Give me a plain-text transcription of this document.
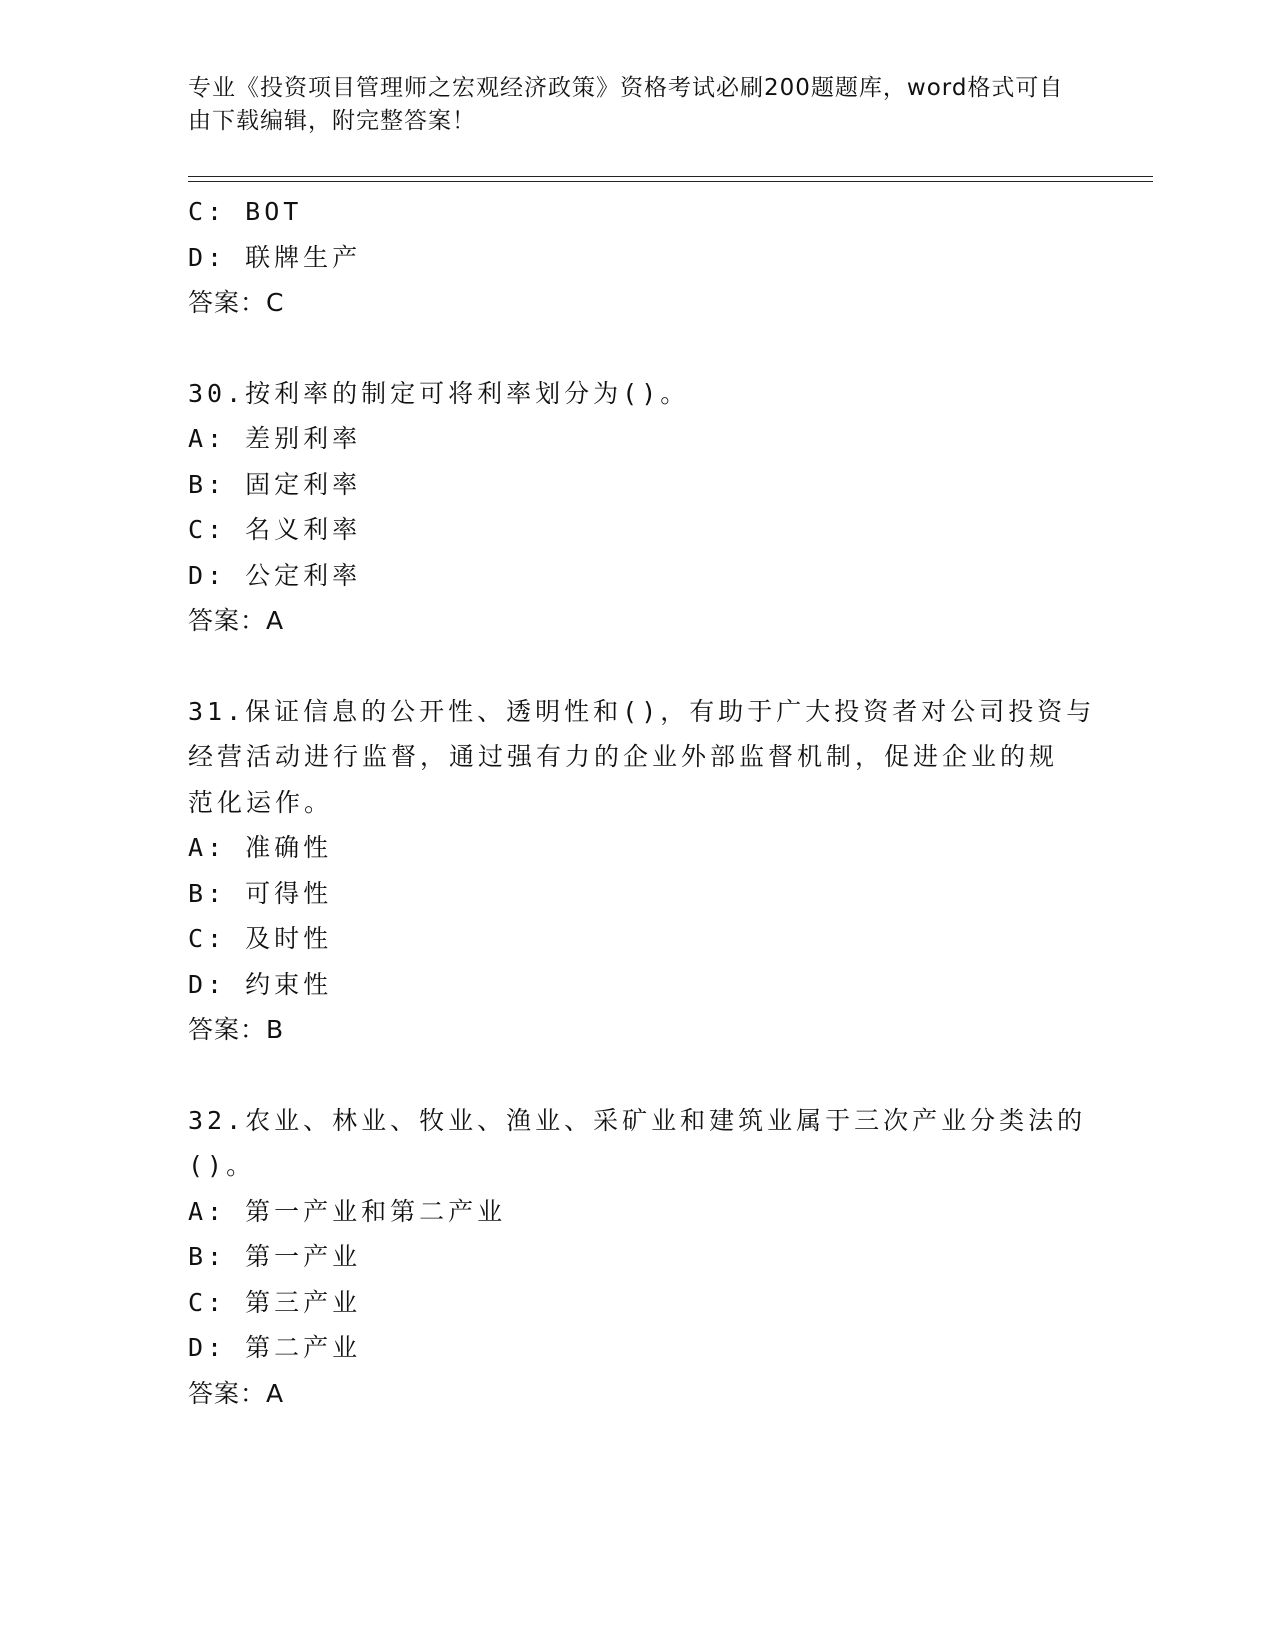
专业《投资项目管理师之宏观经济政策》资格考试必刷200题题库，word格式可自由下载编辑，附完整答案！
C: BOT
D: 联牌生产
答案：C
30.按利率的制定可将利率划分为()。
A: 差别利率
B: 固定利率
C: 名义利率
D: 公定利率
答案：A
31.保证信息的公开性、透明性和()，有助于广大投资者对公司投资与
经营活动进行监督，通过强有力的企业外部监督机制，促进企业的规
范化运作。
A: 准确性
B: 可得性
C: 及时性
D: 约束性
答案：B
32.农业、林业、牧业、渔业、采矿业和建筑业属于三次产业分类法的
()。
A: 第一产业和第二产业
B: 第一产业
C: 第三产业
D: 第二产业
答案：A
